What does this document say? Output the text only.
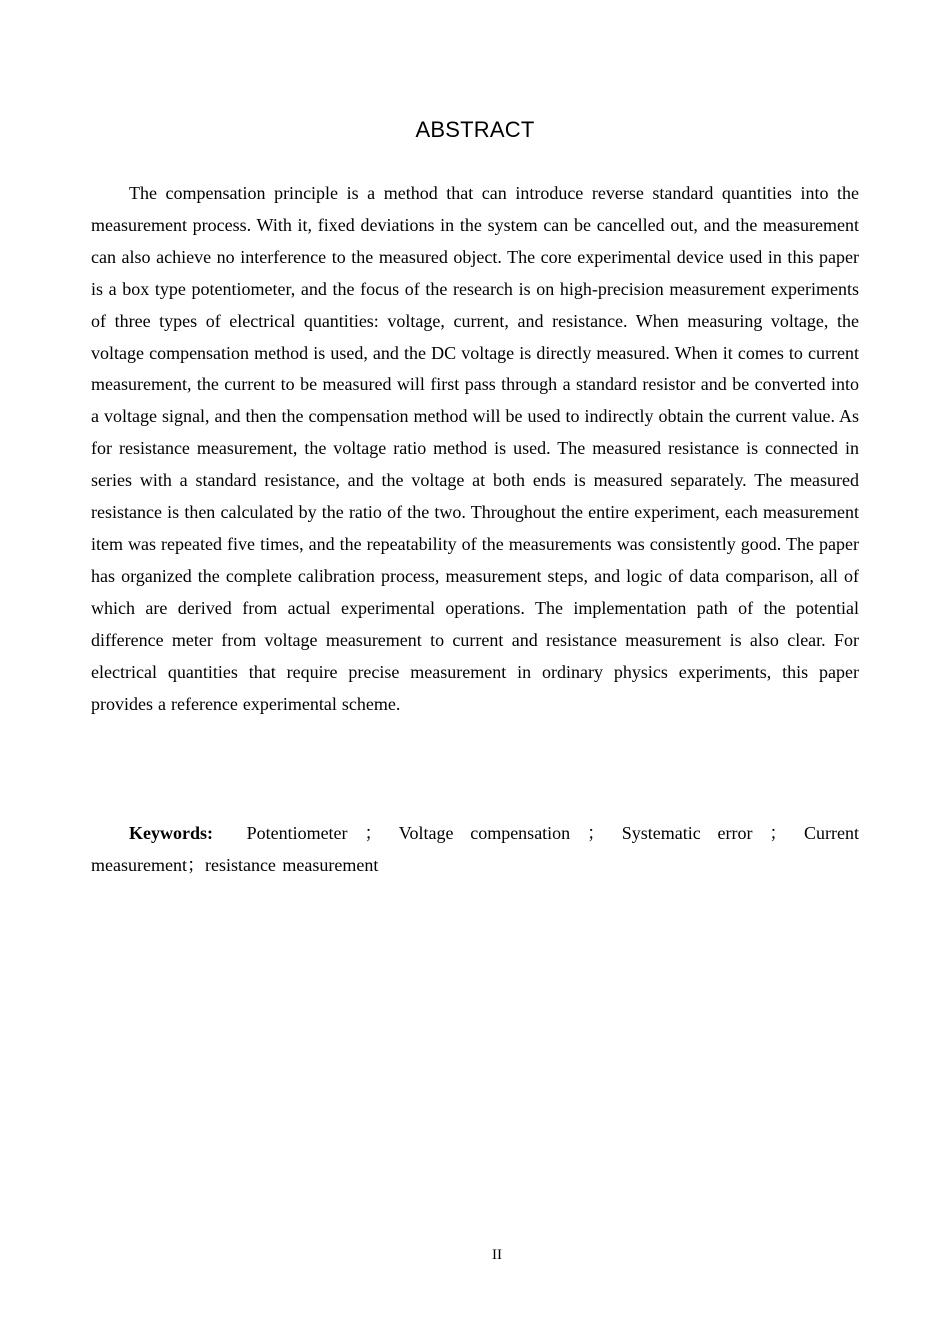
ABSTRACT

The compensation principle is a method that can introduce reverse standard quantities into the measurement process. With it, fixed deviations in the system can be cancelled out, and the measurement can also achieve no interference to the measured object. The core experimental device used in this paper is a box type potentiometer, and the focus of the research is on high-precision measurement experiments of three types of electrical quantities: voltage, current, and resistance. When measuring voltage, the voltage compensation method is used, and the DC voltage is directly measured. When it comes to current measurement, the current to be measured will first pass through a standard resistor and be converted into a voltage signal, and then the compensation method will be used to indirectly obtain the current value. As for resistance measurement, the voltage ratio method is used. The measured resistance is connected in series with a standard resistance, and the voltage at both ends is measured separately. The measured resistance is then calculated by the ratio of the two. Throughout the entire experiment, each measurement item was repeated five times, and the repeatability of the measurements was consistently good. The paper has organized the complete calibration process, measurement steps, and logic of data comparison, all of which are derived from actual experimental operations. The implementation path of the potential difference meter from voltage measurement to current and resistance measurement is also clear. For electrical quantities that require precise measurement in ordinary physics experiments, this paper provides a reference experimental scheme.

Keywords: Potentiometer ； Voltage compensation ； Systematic error ； Current measurement；resistance measurement

II
